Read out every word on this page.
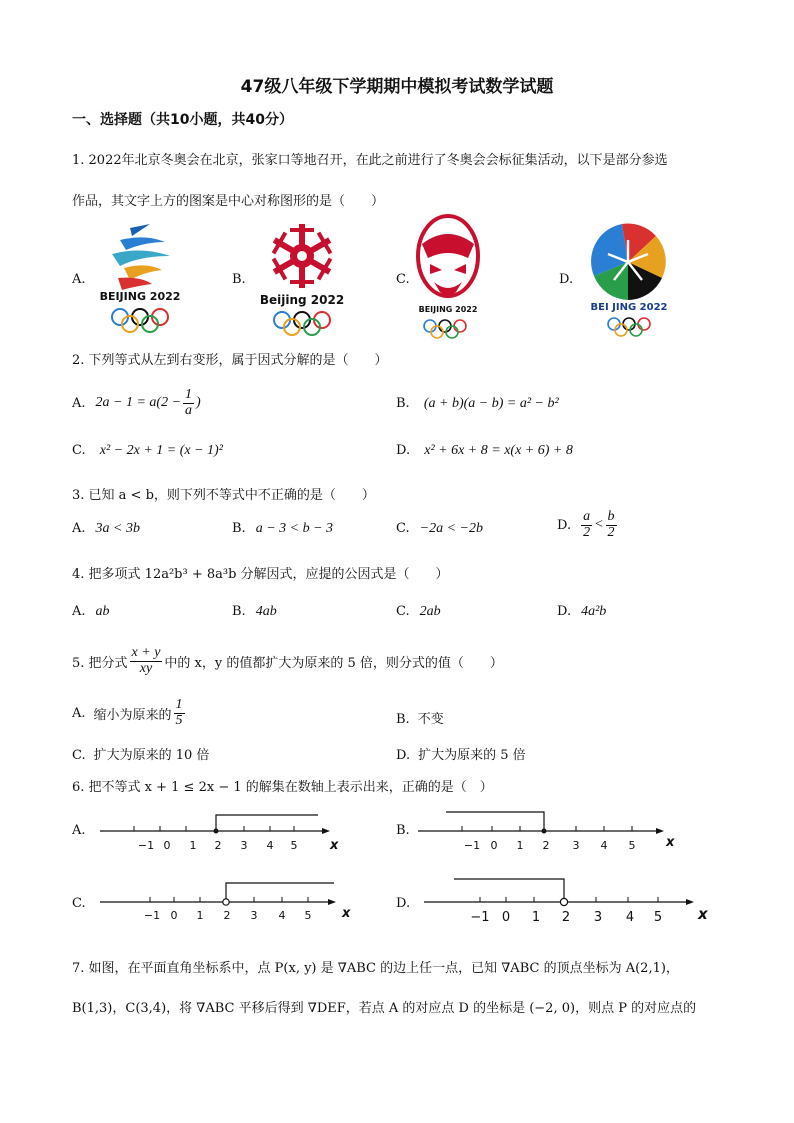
47级八年级下学期期中模拟考试数学试题
一、选择题（共10小题，共40分）
1. 2022年北京冬奥会在北京，张家口等地召开，在此之前进行了冬奥会会标征集活动，以下是部分参选
作品，其文字上方的图案是中心对称图形的是（　　）
A.	B.	C.	D.
BEIJING 2022	Beijing 2022
BEIJING 2022	BEI JING 2022
2. 下列等式从左到右变形，属于因式分解的是（　　）
A. $2a - 1 = a(2 - \frac{1}{a}$ )	B. (a + b)(a − b) = a² − b²
C. x² − 2x + 1 = (x − 1)²	D. x² + 6x + 8 = x(x + 6) + 8
3. 已知 a < b，则下列不等式中不正确的是（　　）
A. 3a < 3b	B. a − 3 < b − 3	C. −2a < −2b	D. $\frac{a}{2} < \frac{b}{2}$
4. 把多项式 12a²b³ + 8a³b 分解因式，应提的公因式是（　　）
A. ab	B. 4ab	C. 2ab	D. 4a²b
5. 把分式 $\frac{x + y}{xy}$ 中的 x，y 的值都扩大为原来的 5 倍，则分式的值（　　）
A. 缩小为原来的 $\frac{1}{5}$	B. 不变
C. 扩大为原来的 10 倍	D. 扩大为原来的 5 倍
6. 把不等式 x + 1 ≤ 2x − 1 的解集在数轴上表示出来，正确的是（　）
A.	B.
C.	D.
−1 0 1 2 3 4 5	x	−1 0 1 2 3 4 5 x
−1 0 1 2 3 4 5 x	−1 0 1 2 3 4 5 x
7. 如图，在平面直角坐标系中，点 P(x, y) 是 ∇ABC 的边上任一点，已知 ∇ABC 的顶点坐标为 A(2,1)，
B(1,3)，C(3,4)，将 ∇ABC 平移后得到 ∇DEF，若点 A 的对应点 D 的坐标是 (−2, 0)，则点 P 的对应点的
